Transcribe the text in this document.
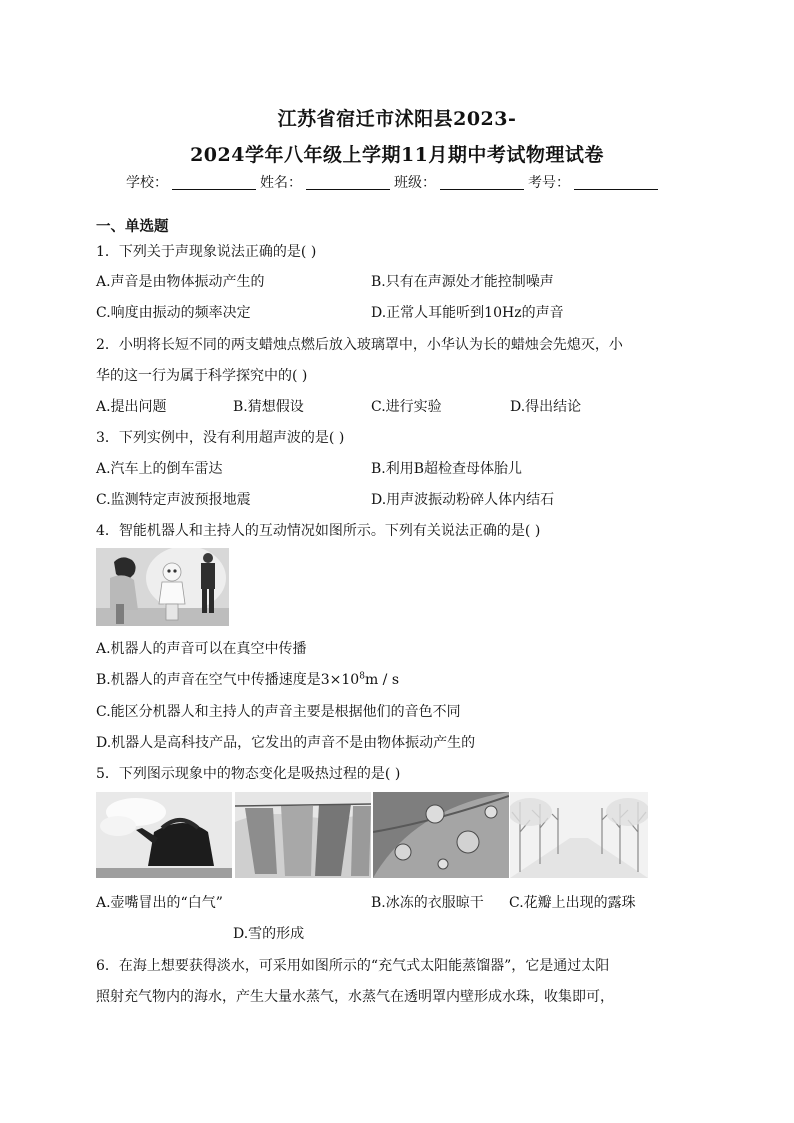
江苏省宿迁市沭阳县2023-
2024学年八年级上学期11月期中考试物理试卷
学校：	姓名：	班级：	考号：
一、单选题
1．下列关于声现象说法正确的是( )
A.声音是由物体振动产生的	B.只有在声源处才能控制噪声
C.响度由振动的频率决定	D.正常人耳能听到10Hz的声音
2．小明将长短不同的两支蜡烛点燃后放入玻璃罩中，小华认为长的蜡烛会先熄灭，小
华的这一行为属于科学探究中的( )
A.提出问题	B.猜想假设	C.进行实验	D.得出结论
3．下列实例中，没有利用超声波的是( )
A.汽车上的倒车雷达	B.利用B超检查母体胎儿
C.监测特定声波预报地震	D.用声波振动粉碎人体内结石
4．智能机器人和主持人的互动情况如图所示。下列有关说法正确的是( )
A.机器人的声音可以在真空中传播
B.机器人的声音在空气中传播速度是$3\times 10^8m / s$
C.能区分机器人和主持人的声音主要是根据他们的音色不同
D.机器人是高科技产品，它发出的声音不是由物体振动产生的
5．下列图示现象中的物态变化是吸热过程的是( )
A.壶嘴冒出的“白气”	B.冰冻的衣服晾干 C.花瓣上出现的露珠
D.雪的形成
6．在海上想要获得淡水，可采用如图所示的“充气式太阳能蒸馏器”，它是通过太阳
照射充气物内的海水，产生大量水蒸气，水蒸气在透明罩内壁形成水珠，收集即可，
